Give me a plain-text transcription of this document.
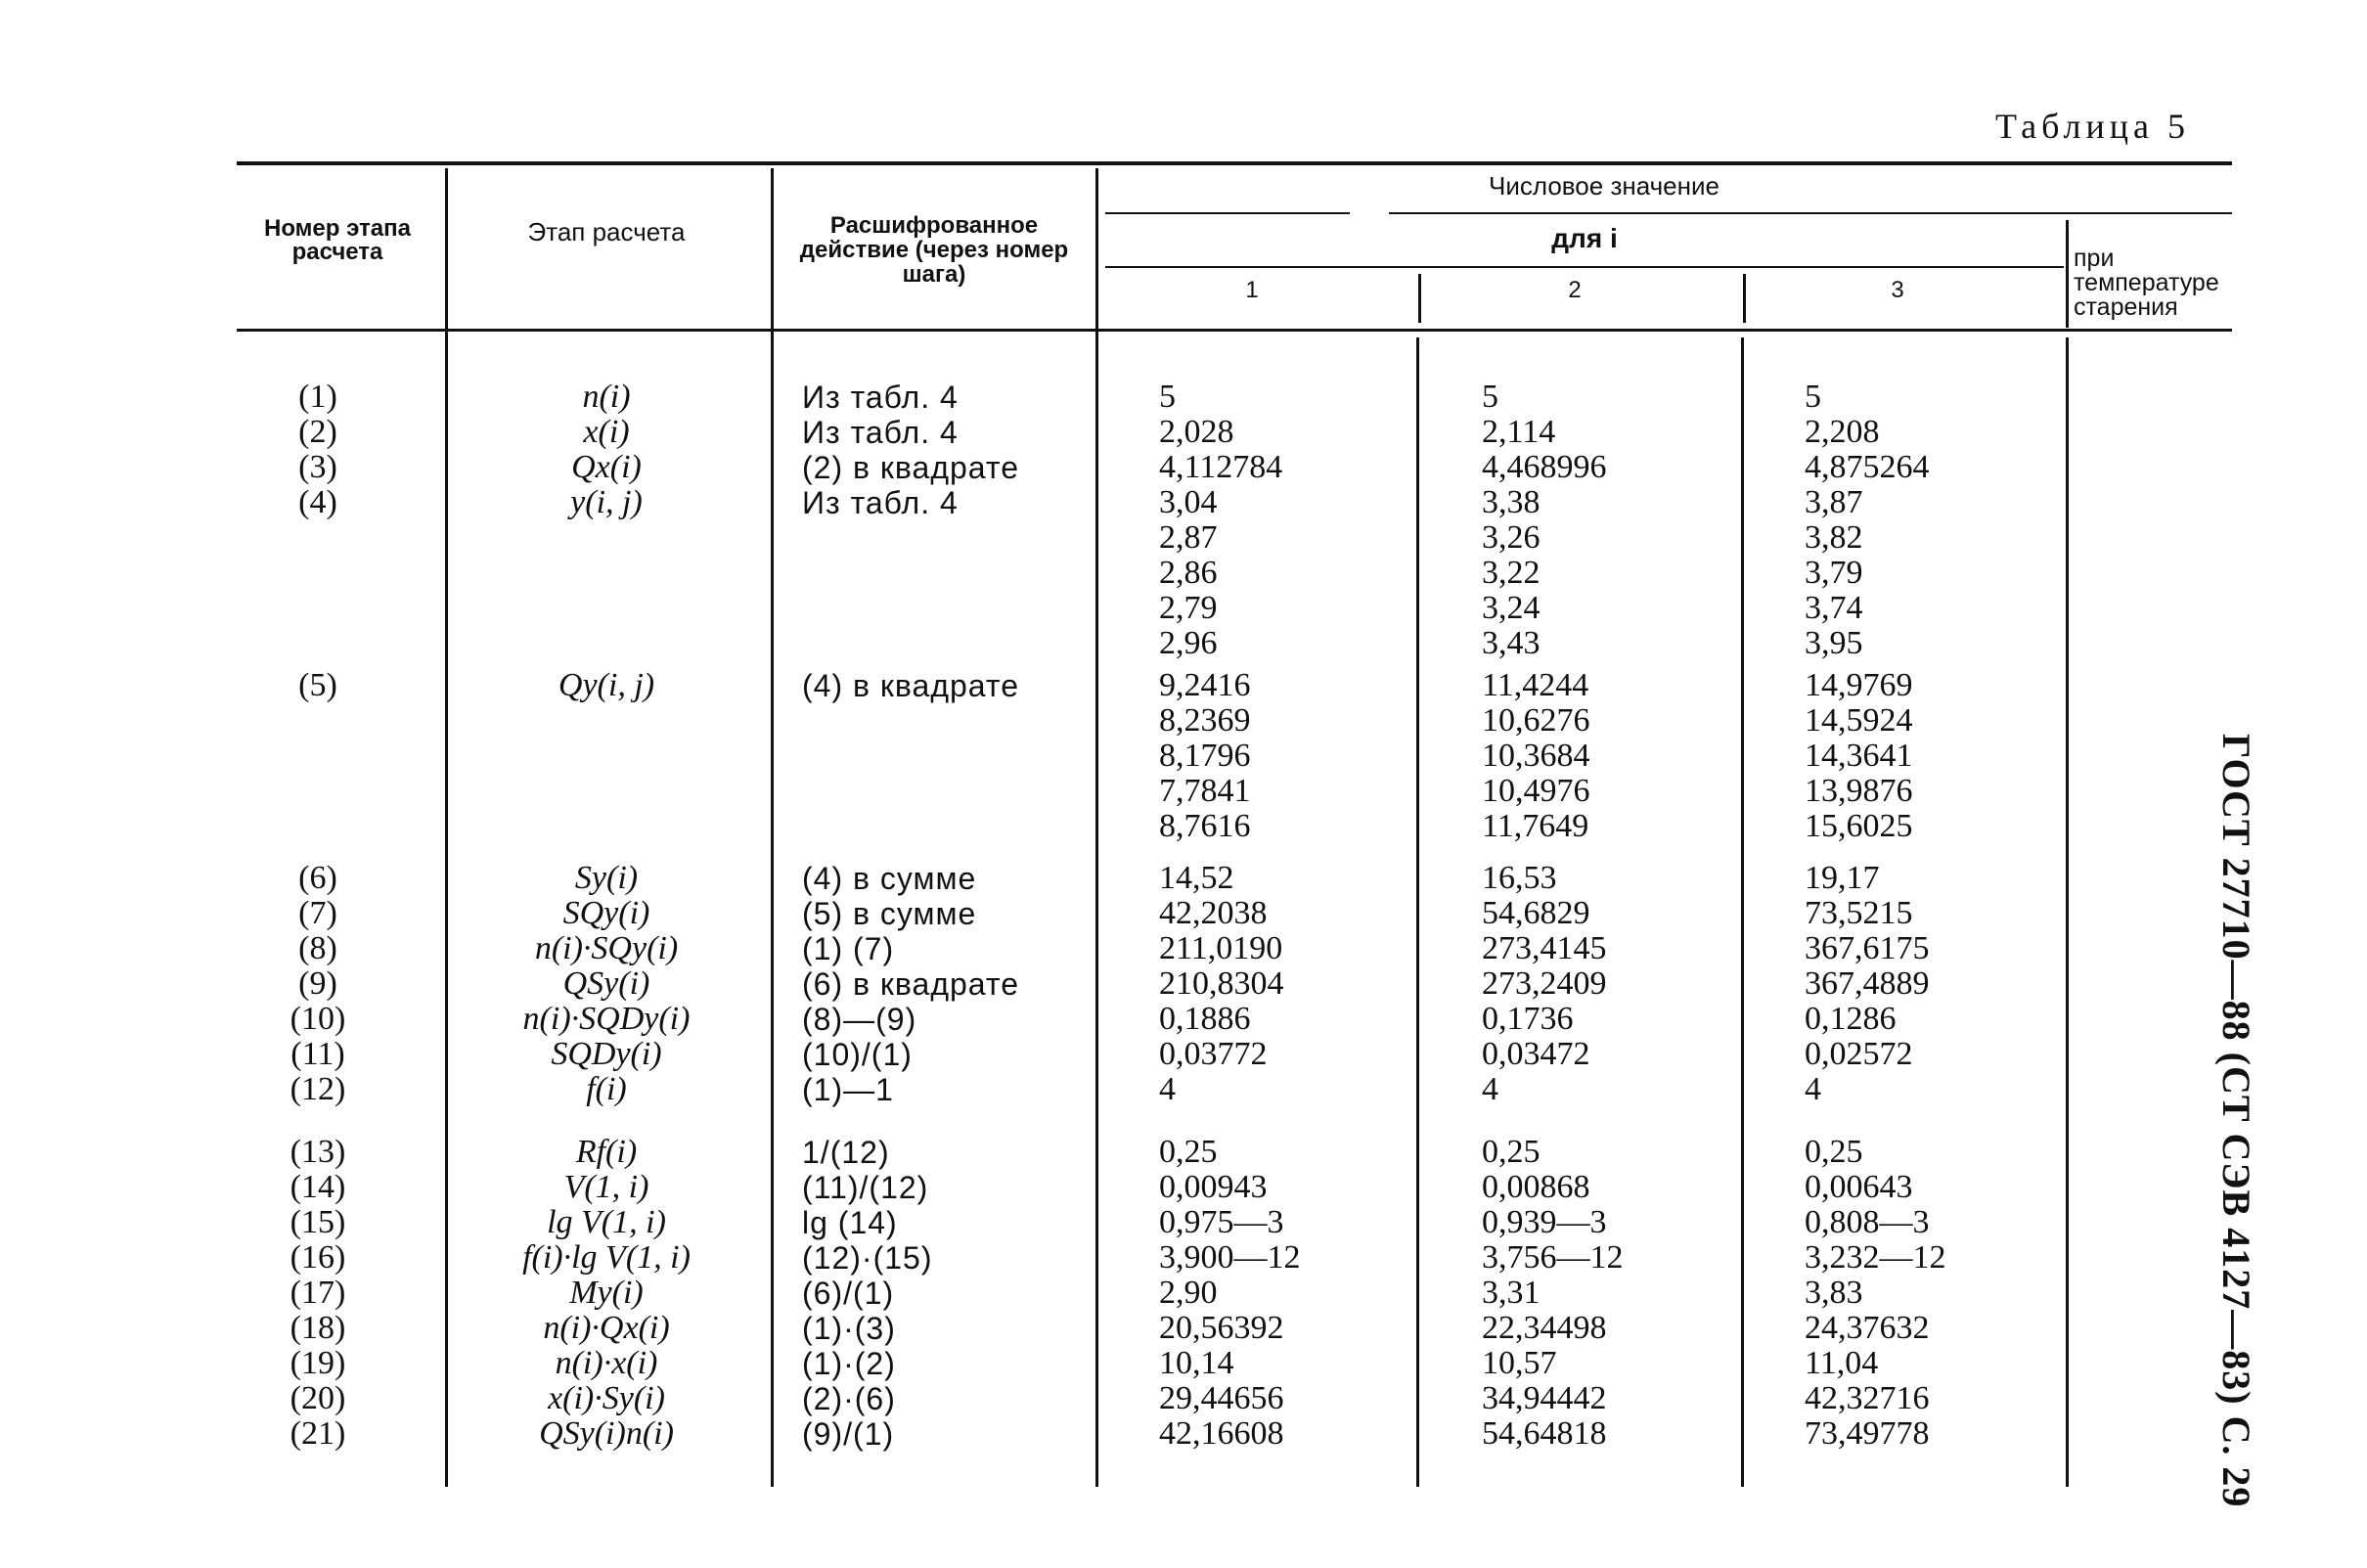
Таблица 5
ГОСТ 27710—88 (СТ СЭВ 4127—83) С. 29
Номер этапа расчета
Этап расчета	Расшифрованное действие (через номер шага)
Числовое значение
для i
1	2	3
при температуре старения
(1)	n(i)	Из табл. 4	5	5	5
(2)	x(i)	Из табл. 4	2,028	2,114	2,208
(3)	Qx(i)	(2) в квадрате	4,112784	4,468996	4,875264
(4)	y(i, j)	Из табл. 4	3,04	3,38	3,87
2,87	3,26	3,82
2,86	3,22	3,79
2,79	3,24	3,74
2,96	3,43	3,95
(5)	Qy(i, j)	(4) в квадрате	9,2416	11,4244	14,9769
8,2369	10,6276	14,5924
8,1796	10,3684	14,3641
7,7841	10,4976	13,9876
8,7616	11,7649	15,6025
(6)	Sy(i)	(4) в сумме	14,52	16,53	19,17
(7)	SQy(i)	(5) в сумме	42,2038	54,6829	73,5215
(8)	n(i)·SQy(i)	(1) (7)	211,0190	273,4145	367,6175
(9)	QSy(i)	(6) в квадрате	210,8304	273,2409	367,4889
(10)	n(i)·SQDy(i)	(8)—(9)	0,1886	0,1736	0,1286
(11)	SQDy(i)	(10)/(1)	0,03772	0,03472	0,02572
(12)	f(i)	(1)—1	4	4	4
(13)	Rf(i)	1/(12)	0,25	0,25	0,25
(14)	V(1, i)	(11)/(12)	0,00943	0,00868	0,00643
(15)	lg V(1, i)	lg (14)	0,975—3	0,939—3	0,808—3
(16)	f(i)·lg V(1, i)	(12)·(15)	3,900—12	3,756—12	3,232—12
(17)	My(i)	(6)/(1)	2,90	3,31	3,83
(18)	n(i)·Qx(i)	(1)·(3)	20,56392	22,34498	24,37632
(19)	n(i)·x(i)	(1)·(2)	10,14	10,57	11,04
(20)	x(i)·Sy(i)	(2)·(6)	29,44656	34,94442	42,32716
(21)	QSy(i)n(i)	(9)/(1)	42,16608	54,64818	73,49778
